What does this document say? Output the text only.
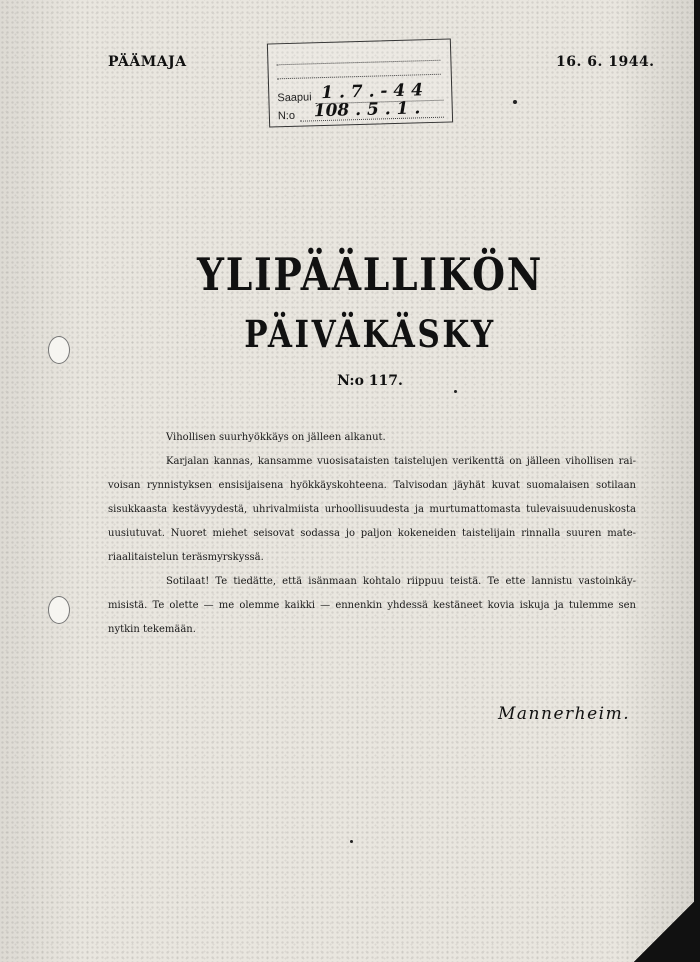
PÄÄMAJA	16. 6. 1944.
Saapui 1 . 7 . - 4 4
N:o 108 . 5 . 1 .
YLIPÄÄLLIKÖN
PÄIVÄKÄSKY
N:o 117.
Vihollisen suurhyökkäys on jälleen alkanut.
Karjalan kannas, kansamme vuosisataisten taistelujen verikenttä on jälleen vihollisen rai-
voisan rynnistyksen ensisijaisena hyökkäyskohteena. Talvisodan jäyhät kuvat suomalaisen sotilaan
sisukkaasta kestävyydestä, uhrivalmiista urhoollisuudesta ja murtumattomasta tulevaisuudenuskosta
uusiutuvat. Nuoret miehet seisovat sodassa jo paljon kokeneiden taistelijain rinnalla suuren mate-
riaalitaistelun teräsmyrskyssä.
Sotilaat! Te tiedätte, että isänmaan kohtalo riippuu teistä. Te ette lannistu vastoinkäy-
misistä. Te olette — me olemme kaikki — ennenkin yhdessä kestäneet kovia iskuja ja tulemme sen
nytkin tekemään.
Mannerheim.
